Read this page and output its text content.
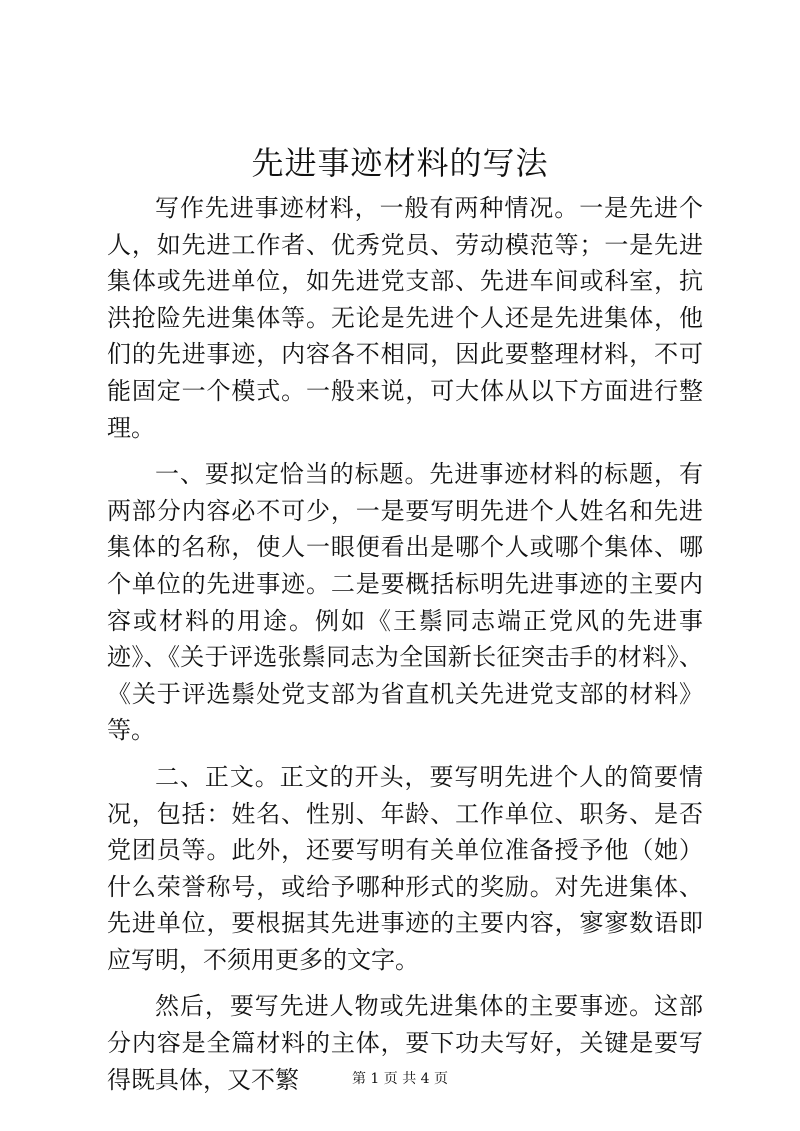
先进事迹材料的写法

写作先进事迹材料，一般有两种情况。一是先进个人，如先进工作者、优秀党员、劳动模范等；一是先进集体或先进单位，如先进党支部、先进车间或科室，抗洪抢险先进集体等。无论是先进个人还是先进集体，他们的先进事迹，内容各不相同，因此要整理材料，不可能固定一个模式。一般来说，可大体从以下方面进行整理。

一、要拟定恰当的标题。先进事迹材料的标题，有两部分内容必不可少，一是要写明先进个人姓名和先进集体的名称，使人一眼便看出是哪个人或哪个集体、哪个单位的先进事迹。二是要概括标明先进事迹的主要内容或材料的用途。例如《王鬃同志端正党风的先进事迹》、《关于评选张鬃同志为全国新长征突击手的材料》、《关于评选鬃处党支部为省直机关先进党支部的材料》等。

二、正文。正文的开头，要写明先进个人的简要情况，包括：姓名、性别、年龄、工作单位、职务、是否党团员等。此外，还要写明有关单位准备授予他（她）什么荣誉称号，或给予哪种形式的奖励。对先进集体、先进单位，要根据其先进事迹的主要内容，寥寥数语即应写明，不须用更多的文字。

然后，要写先进人物或先进集体的主要事迹。这部分内容是全篇材料的主体，要下功夫写好，关键是要写得既具体，又不繁	第 1 页 共 4 页
